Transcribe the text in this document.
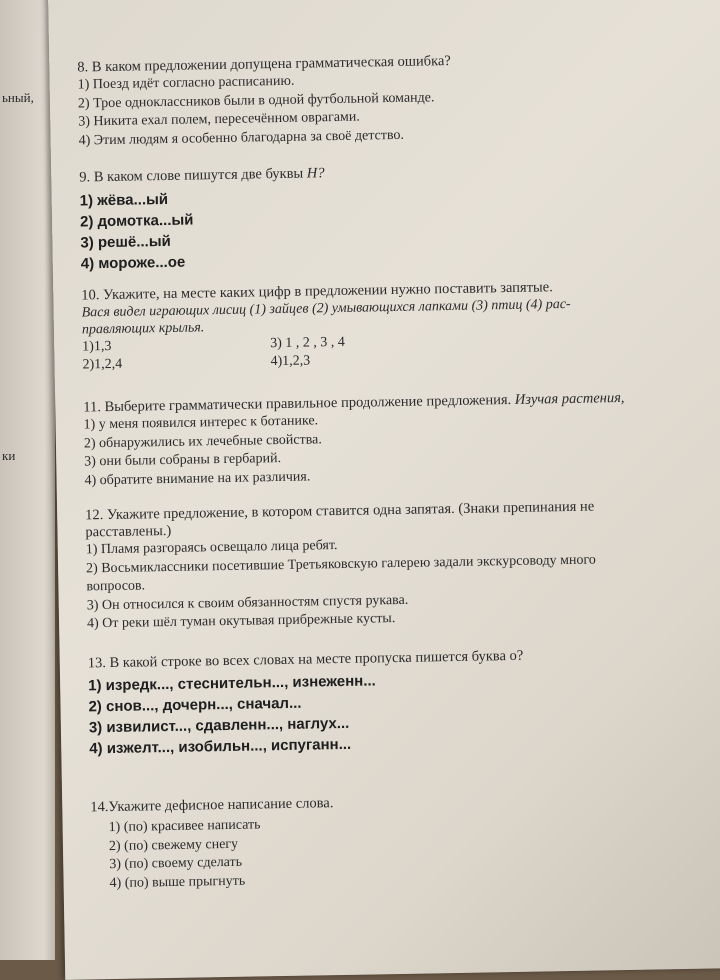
ьный,
ки
8. В каком предложении допущена грамматическая ошибка?
1) Поезд идёт согласно расписанию.
2) Трое одноклассников были в одной футбольной команде.
3) Никита ехал полем, пересечённом оврагами.
4) Этим людям я особенно благодарна за своё детство.
9. В каком слове пишутся две буквы Н?
1) жёва...ый
2) домотка...ый
3) решё...ый
4) мороже...ое
10. Укажите, на месте каких цифр в предложении нужно поставить запятые.
Вася видел играющих лисиц (1) зайцев (2) умывающихся лапками (3) птиц (4) рас-
правляющих крылья.
1)1,3	3) 1 , 2 , 3 , 4
2)1,2,4	4)1,2,3
11. Выберите грамматически правильное продолжение предложения. Изучая растения,
1) у меня появился интерес к ботанике.
2) обнаружились их лечебные свойства.
3) они были собраны в гербарий.
4) обратите внимание на их различия.
12. Укажите предложение, в котором ставится одна запятая. (Знаки препинания не
расставлены.)
1) Пламя разгораясь освещало лица ребят.
2) Восьмиклассники посетившие Третьяковскую галерею задали экскурсоводу много
вопросов.
3) Он относился к своим обязанностям спустя рукава.
4) От реки шёл туман окутывая прибрежные кусты.
13. В какой строке во всех словах на месте пропуска пишется буква о?
1) изредк..., стеснительн..., изнеженн...
2) снов..., дочерн..., сначал...
3) извилист..., сдавленн..., наглух...
4) изжелт..., изобильн..., испуганн...
14.Укажите дефисное написание слова.
1) (по) красивее написать
2) (по) свежему снегу
3) (по) своему сделать
4) (по) выше прыгнуть
